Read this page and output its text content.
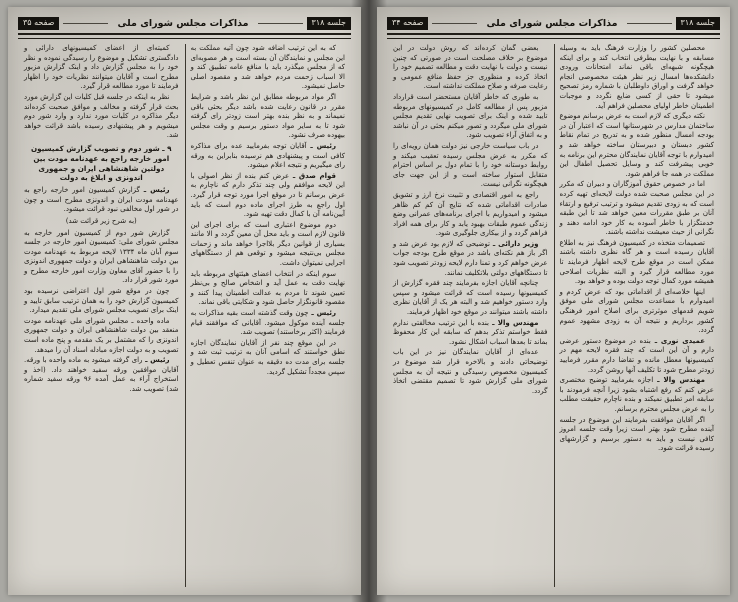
جلسه ۳۱۸
مذاکرات مجلس شورای ملی
صفحه ۳۵

که به این ترتیب اضافه شود چون آتیه مملکت به این مجلس و نمایندگان آن بسته است و هر مصوبه‌ای که از مجلس میگذرد باید با منافع عامه تطبیق کند و الا اسباب زحمت مردم خواهد شد و مقصود اصلی حاصل نمیشود.

اگر مواد مربوطه مطابق این نظر باشد و شرایط مقرر در قانون رعایت شده باشد دیگر بحثی باقی نمیماند و به نظر بنده بهتر است زودتر رای گرفته شود تا به سایر مواد دستور برسیم و وقت مجلس بیهوده صرف نشود.

رئیس ـ آقایان توجه بفرمایید عده برای مذاکره کافی است و پیشنهادی هم نرسیده بنابراین به ورقه رای میگیریم و نتیجه اعلام میشود.

قوام صدق ـ عرض کنم بنده از نظر اصولی با این لایحه موافقم ولی چند تذکر دارم که ناچارم به عرض برسانم تا در موقع اجرا مورد توجه قرار گیرد. اول راجع به طرز اجرای ماده دوم است که باید آیین‌نامه آن با کمال دقت تهیه شود.

دوم موضوع اعتباری است که برای اجرای این قانون لازم است و باید محل آن معین گردد و الا مانند بسیاری از قوانین دیگر بلااجرا خواهد ماند و زحمات مجلس بی‌نتیجه میشود و توقعی هم از دستگاههای اجرایی نمیتوان داشت.

سوم اینکه در انتخاب اعضای هیئتهای مربوطه باید نهایت دقت به عمل آید و اشخاص صالح و بی‌نظر تعیین شوند تا مردم به عدالت اطمینان پیدا کنند و مقصود قانونگزار حاصل شود و شکایتی باقی نماند.

رئیس ـ چون وقت گذشته است بقیه مذاکرات به جلسه آینده موکول میشود. آقایانی که موافقند قیام فرمایند (اکثر برخاستند) تصویب شد.

در این موقع چند نفر از آقایان نمایندگان اجازه نطق خواستند که اسامی آنان به ترتیب ثبت شد و جلسه برای مدت ده دقیقه به عنوان تنفس تعطیل و سپس مجدداً تشکیل گردید.

کمیته‌ای از اعضای کمیسیونهای دارائی و دادگستری تشکیل و موضوع را رسیدگی نموده و نظر خود را به مجلس گزارش داد و اینک گزارش مزبور مطرح است و آقایان میتوانند نظریات خود را اظهار فرمایند تا مورد مطالعه قرار گیرد.

نظر به اینکه در جلسه قبل کلیات این گزارش مورد بحث قرار گرفته و مخالف و موافق صحبت کرده‌اند دیگر مذاکره در کلیات مورد ندارد و وارد شور دوم میشویم و هر پیشنهادی رسیده باشد قرائت خواهد شد.

۹ ـ شور دوم و تصویب گزارش کمیسیون امور خارجه راجع به عهدنامه مودت بین دولتین شاهنشاهی ایران و جمهوری اندونزی و ابلاغ به دولت

رئیس ـ گزارش کمیسیون امور خارجه راجع به عهدنامه مودت ایران و اندونزی مطرح است و چون در شور اول مخالفی نبود قرائت میشود.

(به شرح زیر قرائت شد)

گزارش شور دوم از کمیسیون امور خارجه به مجلس شورای ملی: کمیسیون امور خارجه در جلسه سوم آبان ماه ۱۳۳۴ لایحه مربوط به عهدنامه مودت بین دولت شاهنشاهی ایران و دولت جمهوری اندونزی را با حضور آقای معاون وزارت امور خارجه مطرح و مورد شور قرار داد.

چون در موقع شور اول اعتراضی نرسیده بود کمیسیون گزارش خود را به همان ترتیب سابق تایید و اینک برای تصویب مجلس شورای ملی تقدیم میدارد.

ماده واحده ـ مجلس شورای ملی عهدنامه مودت منعقد بین دولت شاهنشاهی ایران و دولت جمهوری اندونزی را که مشتمل بر یک مقدمه و پنج ماده است تصویب و به دولت اجازه مبادله اسناد آن را میدهد.

رئیس ـ رای گرفته میشود به ماده واحده با ورقه. آقایان موافقین ورقه سفید خواهند داد. (اخذ و استخراج آراء به عمل آمده ۹۶ ورقه سفید شماره شد) تصویب شد.

جلسه ۳۱۸
مذاکرات مجلس شورای ملی
صفحه ۳۴

محصلین کشور را وزارت فرهنگ باید به وسیله مسابقه و با نهایت بیطرفی انتخاب کند و برای اینکه هیچگونه شبهه‌ای باقی نماند امتحانات ورودی دانشکده‌ها امسال زیر نظر هیئت مخصوصی انجام خواهد گرفت و اوراق داوطلبان با شماره رمز تصحیح میشود تا حقی از کسی ضایع نگردد و موجبات اطمینان خاطر اولیای محصلین فراهم آید.

نکته دیگری که لازم است به عرض برسانم موضوع ساختمان مدارس در شهرستانها است که اعتبار آن در بودجه امسال منظور شده و به تدریج در تمام نقاط کشور دبستان و دبیرستان ساخته خواهد شد و امیدوارم با توجه آقایان نمایندگان محترم این برنامه به خوبی پیشرفت کند و وسایل تحصیل اطفال این مملکت در همه جا فراهم شود.

اما در خصوص حقوق آموزگاران و دبیران که مکرر در این مجلس صحبت شده دولت لایحه‌ای تهیه کرده است که به زودی تقدیم میشود و ترتیب ترفیع و ارتقاء آنان بر طبق مقررات معین خواهد شد تا این طبقه خدمتگزار با خاطر آسوده به کار خود ادامه دهند و نگرانی از حیث معیشت نداشته باشند.

تصمیمات متخذه در کمیسیون فرهنگ نیز به اطلاع آقایان رسیده است و هر گاه نظری داشته باشند ممکن است در موقع طرح لایحه اظهار فرمایند تا مورد مطالعه قرار گیرد و البته نظریات اصلاحی همیشه مورد کمال توجه دولت بوده و خواهد بود.

اینها خلاصه‌ای از اقداماتی بود که عرض کردم و امیدوارم با مساعدت مجلس شورای ملی موفق شویم قدمهای موثرتری برای اصلاح امور فرهنگی کشور برداریم و نتیجه آن به زودی مشهود عموم گردد.

عمیدی نوری ـ بنده در موضوع دستور عرضی دارم و آن این است که چند فقره لایحه مهم در کمیسیونها معطل مانده و تقاضا دارم مقرر فرمایید زودتر مطرح شود تا تکلیف آنها روشن گردد.

مهندس والا ـ اجازه بفرمایید توضیح مختصری عرض کنم که رفع اشتباه بشود زیرا آنچه فرمودند با سابقه امر تطبیق نمیکند و بنده ناچارم حقیقت مطلب را به عرض مجلس محترم برسانم.

اگر آقایان موافقت بفرمایند این موضوع در جلسه آینده مطرح شود بهتر است زیرا وقت جلسه امروز کافی نیست و باید به دستور برسیم و گزارشهای رسیده قرائت شود.

بعضی گمان کرده‌اند که روش دولت در این موضوع بر خلاف مصلحت است در صورتی که چنین نیست و دولت با نهایت دقت و مطالعه تصمیم خود را اتخاذ کرده و منظوری جز حفظ منافع عمومی و رعایت صرفه و صلاح مملکت نداشته است.

به طوری که خاطر آقایان مستحضر است قرارداد مزبور پس از مطالعه کامل در کمیسیونهای مربوطه تایید شده و اینک برای تصویب نهایی تقدیم مجلس شورای ملی میگردد و تصور میکنم بحثی در آن نباشد و به اتفاق آراء تصویب شود.

در باب سیاست خارجی نیز دولت همان رویه‌ای را که مکرر به عرض مجلس رسیده تعقیب میکند و روابط دوستانه خود را با تمام دول بر اساس احترام متقابل استوار ساخته است و از این جهت جای هیچگونه نگرانی نیست.

راجع به امور اقتصادی و تثبیت نرخ ارز و تشویق صادرات اقداماتی شده که نتایج آن کم کم ظاهر میشود و امیدواریم با اجرای برنامه‌های عمرانی وضع زندگی عموم طبقات بهبود یابد و کار برای همه افراد فراهم گردد و از بیکاری جلوگیری شود.

وزیر دارائی ـ توضیحی که لازم بود عرض شد و اگر باز هم نکته‌ای باشد در موقع طرح بودجه جواب عرض خواهم کرد و تمنا دارم لایحه زودتر تصویب شود تا دستگاههای دولتی بلاتکلیف نمانند.

چنانچه آقایان اجازه بفرمایند چند فقره گزارش از کمیسیونها رسیده است که قرائت میشود و سپس وارد دستور خواهیم شد و البته هر یک از آقایان نظری داشته باشند میتوانند در موقع خود اظهار فرمایند.

مهندس والا ـ بنده با این ترتیب مخالفتی ندارم فقط خواستم تذکر بدهم که سابقه این کار محفوظ بماند تا بعدها اسباب اشکال نشود.

عده‌ای از آقایان نمایندگان نیز در این باب توضیحاتی دادند و بالاخره قرار شد موضوع در کمیسیون مخصوص رسیدگی و نتیجه آن به مجلس شورای ملی گزارش شود تا تصمیم مقتضی اتخاذ گردد.
